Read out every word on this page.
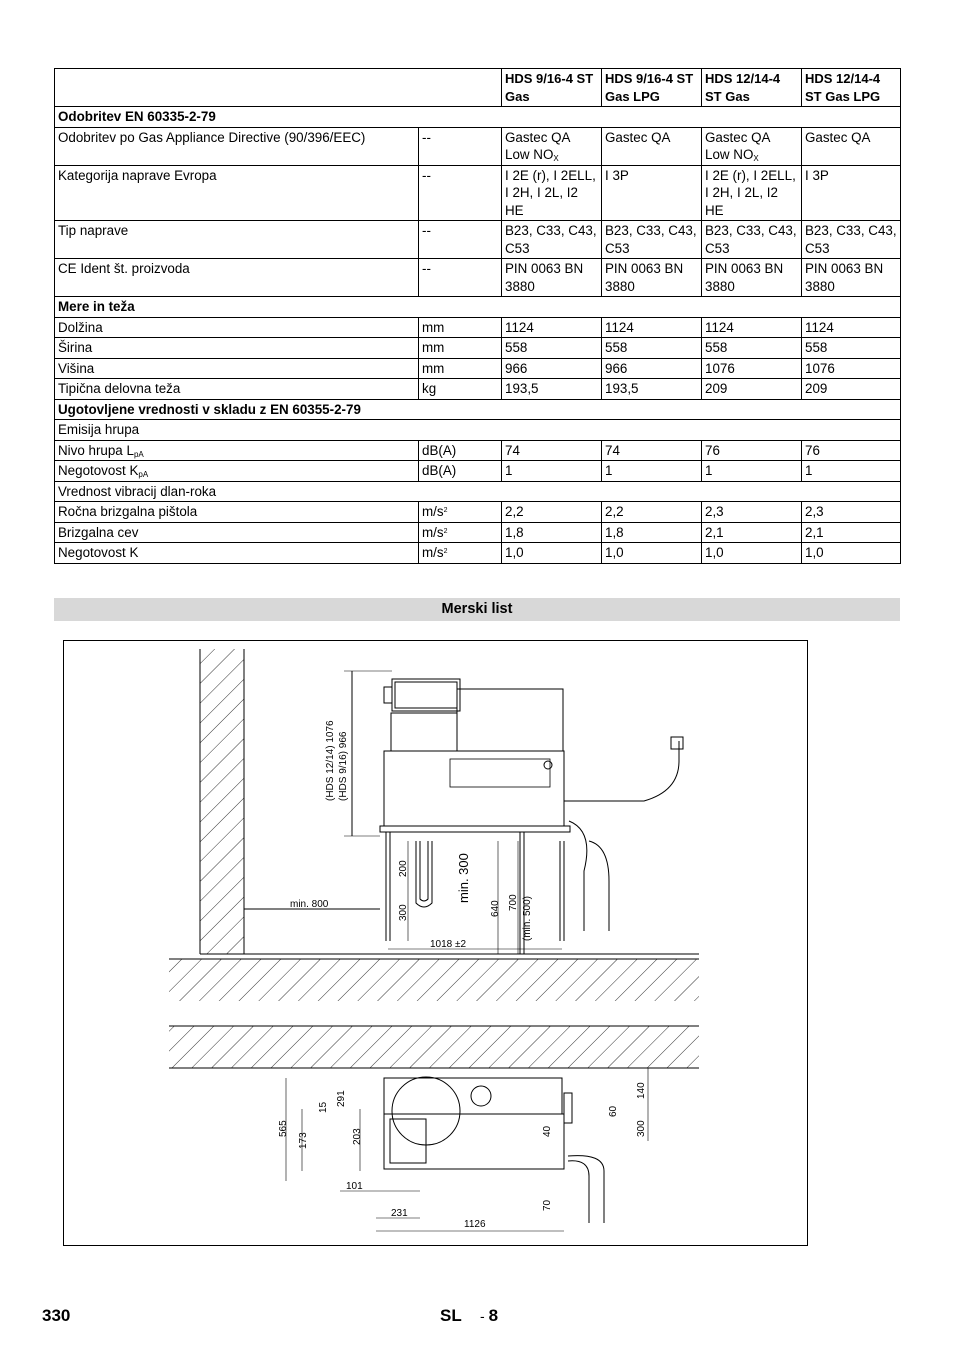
		HDS 9/16-4 ST Gas	HDS 9/16-4 ST Gas LPG	HDS 12/14-4 ST Gas	HDS 12/14-4 ST Gas LPG
Odobritev EN 60335-2-79					
Odobritev po Gas Appliance Directive (90/396/EEC)	--	Gastec QA Low $NO_X$	Gastec QA	Gastec QA Low $NO_X$	Gastec QA
Kategorija naprave Evropa	--	I 2E (r), I 2ELL, I 2H, I 2L, I2 HE	I 3P	I 2E (r), I 2ELL, I 2H, I 2L, I2 HE	I 3P
Tip naprave	--	B23, C33, C43, C53	B23, C33, C43, C53	B23, C33, C43, C53	B23, C33, C43, C53
CE Ident št. proizvoda	--	PIN 0063 BN 3880	PIN 0063 BN 3880	PIN 0063 BN 3880	PIN 0063 BN 3880
Mere in teža					
Dolžina	mm	1124	1124	1124	1124
Širina	mm	558	558	558	558
Višina	mm	966	966	1076	1076
Tipična delovna teža	kg	193,5	193,5	209	209
Ugotovljene vrednosti v skladu z EN 60355-2-79					
Emisija hrupa					
Nivo hrupa $L_{pA}$	dB(A)	74	74	76	76
Negotovost $K_{pA}$	dB(A)	1	1	1	1
Vrednost vibracij dlan-roka					
Ročna brizgalna pištola	$m/s^2$	2,2	2,2	2,3	2,3
Brizgalna cev	$m/s^2$	1,8	1,8	2,1	2,1
Negotovost K	$m/s^2$	1,0	1,0	1,0	1,0
Merski list
(HDS 12/14) 1076 (HDS 9/16) 966
min. 800
200
300
min. 300
640 700 (min. 500)
1018 ±2
565
173
15
291
203
101
231
1126
40
70
60
140
300
330	SL - 8
